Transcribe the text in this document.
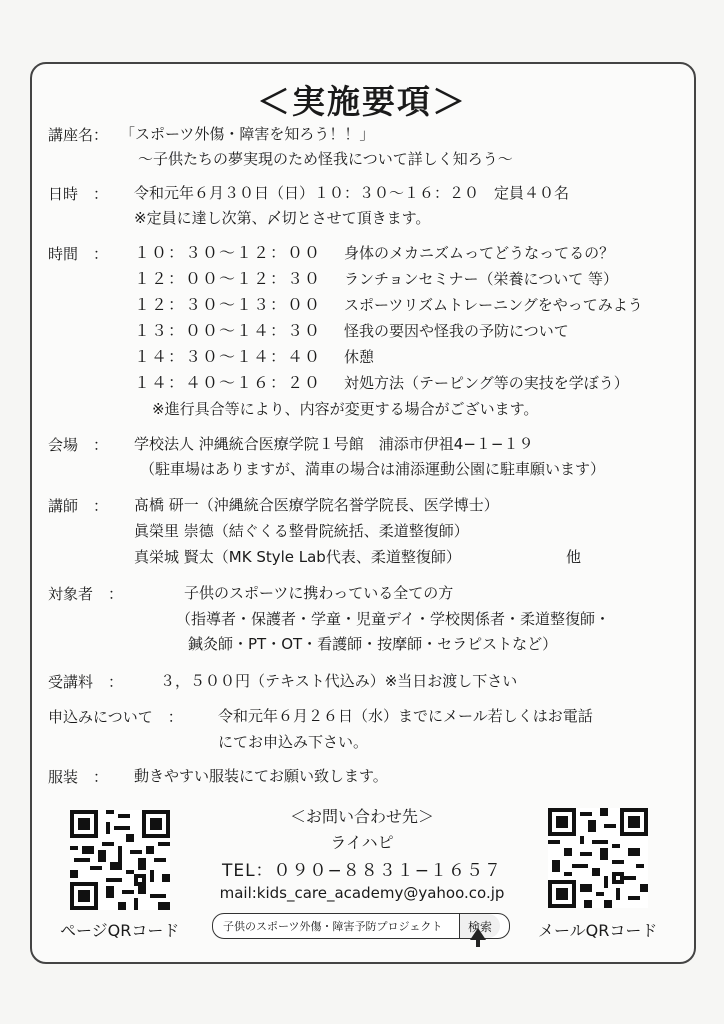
＜実施要項＞
講座名： 「スポーツ外傷・障害を知ろう！！」
〜子供たちの夢実現のため怪我について詳しく知ろう〜
日時　： 令和元年６月３０日（日）１０：３０〜１６：２０　定員４０名
※定員に達し次第、〆切とさせて頂きます。
時間　： １０：３０〜１２：００ 身体のメカニズムってどうなってるの？
１２：００〜１２：３０ ランチョンセミナー（栄養について 等）
１２：３０〜１３：００ スポーツリズムトレーニングをやってみよう
１３：００〜１４：３０ 怪我の要因や怪我の予防について
１４：３０〜１４：４０ 休憩
１４：４０〜１６：２０ 対処方法（テーピング等の実技を学ぼう）
※進行具合等により、内容が変更する場合がございます。
会場　： 学校法人 沖縄統合医療学院１号館　浦添市伊祖4−１−１９
（駐車場はありますが、満車の場合は浦添運動公園に駐車願います）
講師　： 髙橋 研一（沖縄統合医療学院名誉学院長、医学博士）
眞榮里 崇德（結ぐくる整骨院統括、柔道整復師）
真栄城 賢太（MK Style Lab代表、柔道整復師）	他
対象者　：	子供のスポーツに携わっている全ての方
（指導者・保護者・学童・児童デイ・学校関係者・柔道整復師・
鍼灸師・PT・OT・看護師・按摩師・セラピストなど）
受講料　： ３，５００円（テキスト代込み）※当日お渡し下さい
申込みについて　： 令和元年６月２６日（水）までにメール若しくはお電話
にてお申込み下さい。
服装　： 動きやすい服装にてお願い致します。
＜お問い合わせ先＞
ライハピ
TEL：０９０−８８３１−１６５７
mail:kids_care_academy@yahoo.co.jp
ページQRコード	メールQRコード
子供のスポーツ外傷・障害予防プロジェクト	検索
